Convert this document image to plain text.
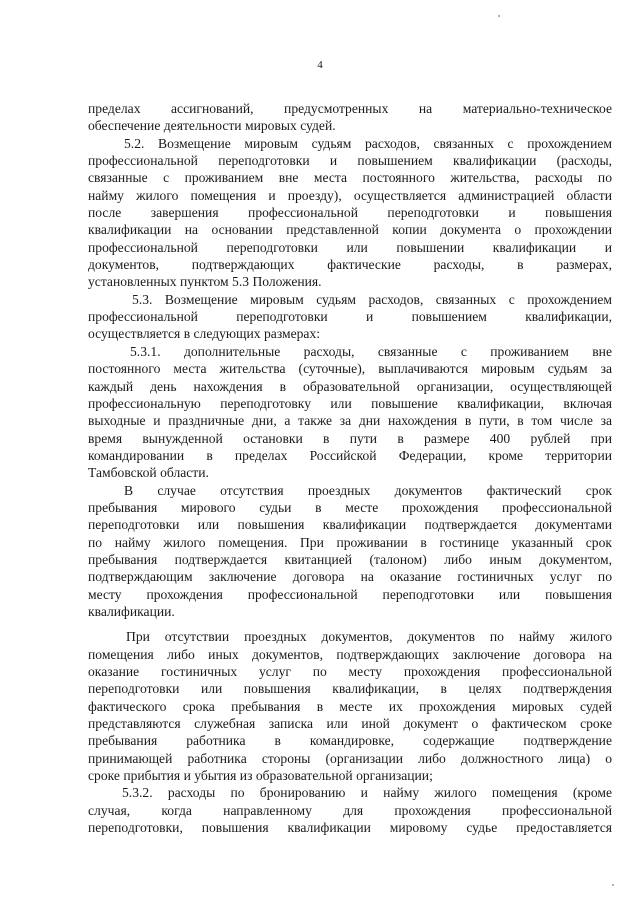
4

пределах ассигнований, предусмотренных на материально-техническое
обеспечение деятельности мировых судей.

5.2. Возмещение мировым судьям расходов, связанных с прохождением
профессиональной переподготовки и повышением квалификации (расходы,
связанные с проживанием вне места постоянного жительства, расходы по
найму жилого помещения и проезду), осуществляется администрацией области
после завершения профессиональной переподготовки и повышения
квалификации на основании представленной копии документа о прохождении
профессиональной переподготовки или повышении квалификации и
документов, подтверждающих фактические расходы, в размерах,
установленных пунктом 5.3 Положения.

5.3. Возмещение мировым судьям расходов, связанных с прохождением
профессиональной переподготовки и повышением квалификации,
осуществляется в следующих размерах:

5.3.1. дополнительные расходы, связанные с проживанием вне
постоянного места жительства (суточные), выплачиваются мировым судьям за
каждый день нахождения в образовательной организации, осуществляющей
профессиональную переподготовку или повышение квалификации, включая
выходные и праздничные дни, а также за дни нахождения в пути, в том числе за
время вынужденной остановки в пути в размере 400 рублей при
командировании в пределах Российской Федерации, кроме территории
Тамбовской области.

В случае отсутствия проездных документов фактический срок
пребывания мирового судьи в месте прохождения профессиональной
переподготовки или повышения квалификации подтверждается документами
по найму жилого помещения. При проживании в гостинице указанный срок
пребывания подтверждается квитанцией (талоном) либо иным документом,
подтверждающим заключение договора на оказание гостиничных услуг по
месту прохождения профессиональной переподготовки или повышения
квалификации.

При отсутствии проездных документов, документов по найму жилого
помещения либо иных документов, подтверждающих заключение договора на
оказание гостиничных услуг по месту прохождения профессиональной
переподготовки или повышения квалификации, в целях подтверждения
фактического срока пребывания в месте их прохождения мировых судей
представляются служебная записка или иной документ о фактическом сроке
пребывания работника в командировке, содержащие подтверждение
принимающей работника стороны (организации либо должностного лица) о
сроке прибытия и убытия из образовательной организации;

5.3.2. расходы по бронированию и найму жилого помещения (кроме
случая, когда направленному для прохождения профессиональной
переподготовки, повышения квалификации мировому судье предоставляется
